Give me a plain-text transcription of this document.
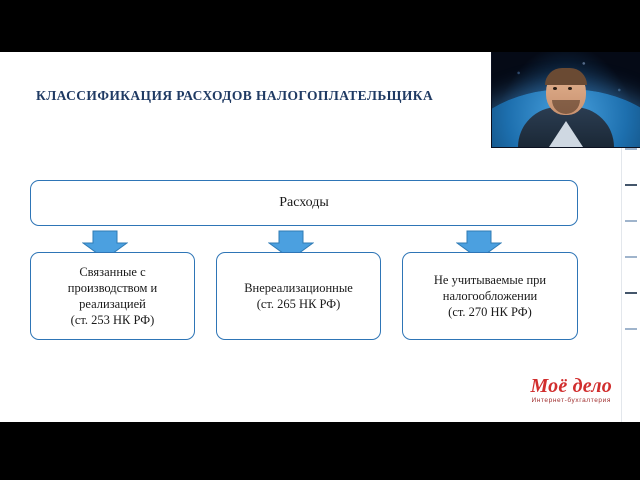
КЛАССИФИКАЦИЯ РАСХОДОВ НАЛОГОПЛАТЕЛЬЩИКА
Расходы
Связанные с
производством и
реализацией
(ст. 253 НК РФ)
Внереализационные
(ст. 265 НК РФ)
Не учитываемые при
налогообложении
(ст. 270 НК РФ)
Моё дело
Интернет-бухгалтерия
